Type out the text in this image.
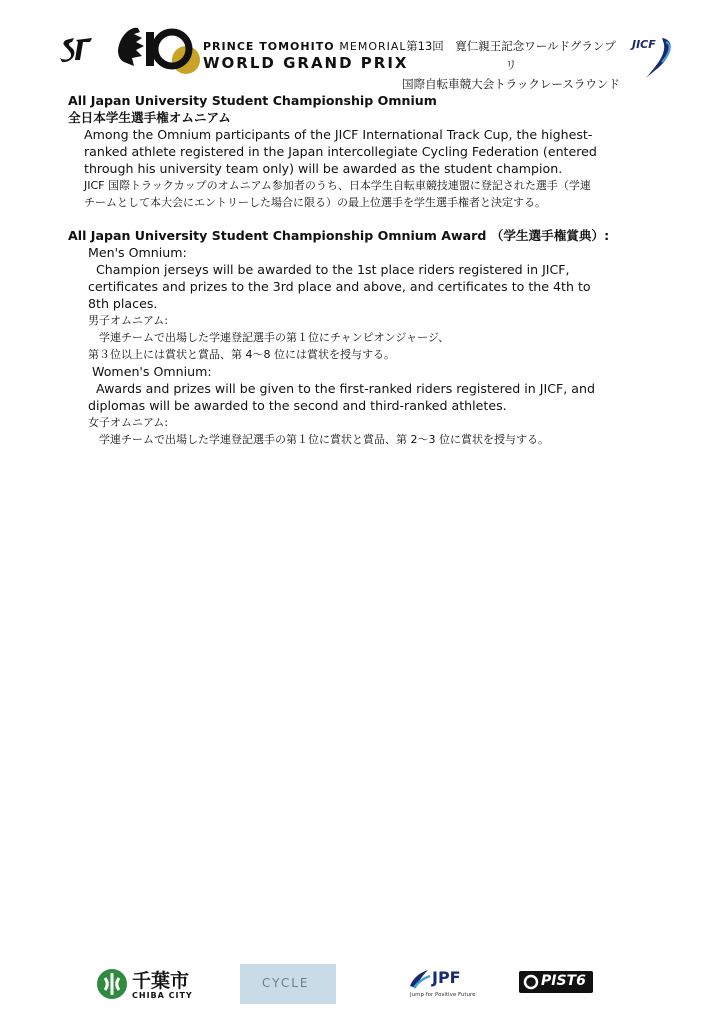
PRINCE TOMOHITO MEMORIAL
WORLD GRAND PRIX
第13回　寛仁親王記念ワールドグランプリ
国際自転車競大会トラックレースラウンド
JICF
All Japan University Student Championship Omnium
全日本学生選手権オムニアム
Among the Omnium participants of the JICF International Track Cup, the highest-
ranked athlete registered in the Japan intercollegiate Cycling Federation (entered
through his university team only) will be awarded as the student champion.
JICF 国際トラックカップのオムニアム参加者のうち、日本学生自転車競技連盟に登記された選手（学連
チームとして本大会にエントリーした場合に限る）の最上位選手を学生選手権者と決定する。
All Japan University Student Championship Omnium Award （学生選手権賞典）:
Men's Omnium:
Champion jerseys will be awarded to the 1st place riders registered in JICF,
certificates and prizes to the 3rd place and above, and certificates to the 4th to
8th places.
男子オムニアム:
　学連チームで出場した学連登記選手の第１位にチャンピオンジャージ、
第３位以上には賞状と賞品、第 4～8 位には賞状を授与する。
Women's Omnium:
Awards and prizes will be given to the first-ranked riders registered in JICF, and
diplomas will be awarded to the second and third-ranked athletes.
女子オムニアム:
　学連チームで出場した学連登記選手の第１位に賞状と賞品、第 2～3 位に賞状を授与する。
千葉市
CHIBA CITY
CYCLE	JPF
Jump for Positive Future
PIST6
